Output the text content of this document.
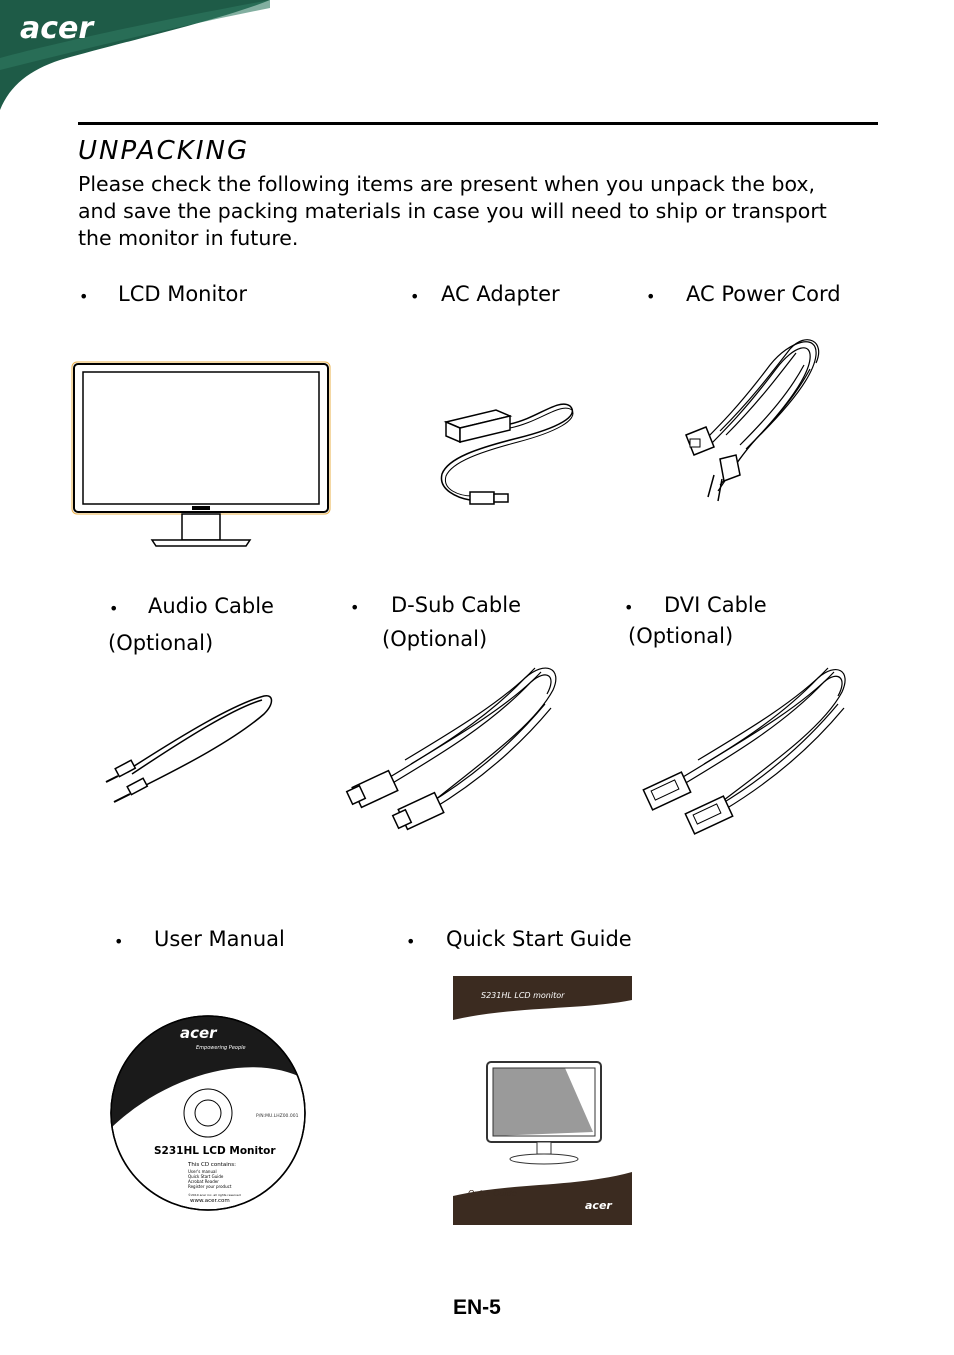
acer
UNPACKING
Please check the following items are present when you unpack the box,
and save the packing materials in case you will need to ship or transport
the monitor in future.
• LCD Monitor	• AC Adapter	• AC Power Cord
• Audio Cable
(Optional)
• D-Sub Cable
(Optional)
• DVI Cable
(Optional)
• User Manual	• Quick Start Guide
acer
Empowering People
P/N:MU.LHZ00.001
S231HL LCD Monitor
This CD contains:
User's manual
Quick Start Guide
Acrobat Reader
Register your product
©2010 acer inc. all rights reserved
www.acer.com
S231HL LCD monitor
Quick Guide
acer
EN-5
